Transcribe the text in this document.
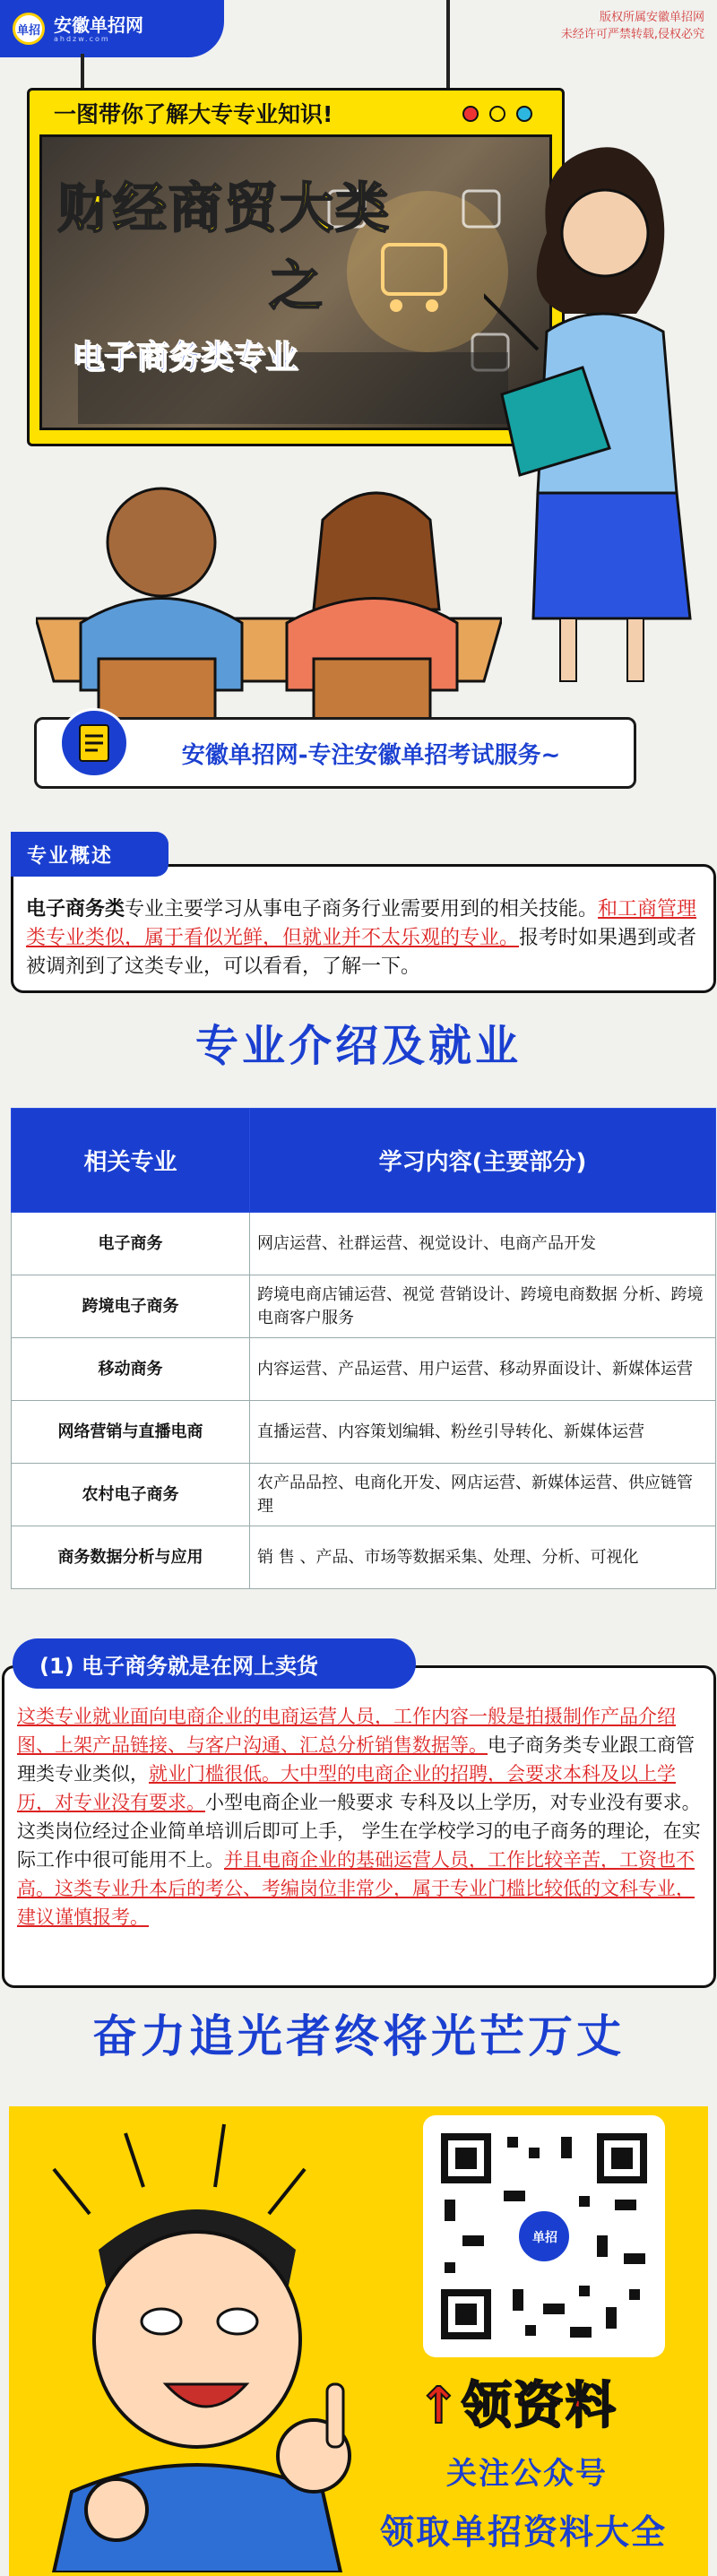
单招 安徽单招网
ahdzw.com
版权所属安徽单招网
未经许可严禁转载,侵权必究
一图带你了解大专专业知识!
财经商贸大类
之
电子商务类专业
安徽单招网-专注安徽单招考试服务~
电子商务类专业主要学习从事电子商务行业需要用到的相关技能。和工商管理类专业类似，属于看似光鲜，但就业并不太乐观的专业。报考时如果遇到或者被调剂到了这类专业，可以看看，了解一下。
专业概述
专业介绍及就业
相关专业	学习内容(主要部分)
电子商务	网店运营、社群运营、视觉设计、电商产品开发
跨境电子商务	跨境电商店铺运营、视觉 营销设计、跨境电商数据 分析、跨境电商客户服务
移动商务	内容运营、产品运营、用户运营、移动界面设计、新媒体运营
网络营销与直播电商	直播运营、内容策划编辑、粉丝引导转化、新媒体运营
农村电子商务	农产品品控、电商化开发、网店运营、新媒体运营、供应链管理
商务数据分析与应用	销 售 、产品、市场等数据采集、处理、分析、可视化
这类专业就业面向电商企业的电商运营人员，工作内容一般是拍摄制作产品介绍图、上架产品链接、与客户沟通、汇总分析销售数据等。电子商务类专业跟工商管理类专业类似，就业门槛很低。大中型的电商企业的招聘，会要求本科及以上学历，对专业没有要求。小型电商企业一般要求 专科及以上学历，对专业没有要求。这类岗位经过企业简单培训后即可上手， 学生在学校学习的电子商务的理论，在实际工作中很可能用不上。并且电商企业的基础运营人员，工作比较辛苦，工资也不高。这类专业升本后的考公、考编岗位非常少，属于专业门槛比较低的文科专业，建议谨慎报考。
(1) 电子商务就是在网上卖货
奋力追光者终将光芒万丈
单招
↑领资料
关注公众号
领取单招资料大全
